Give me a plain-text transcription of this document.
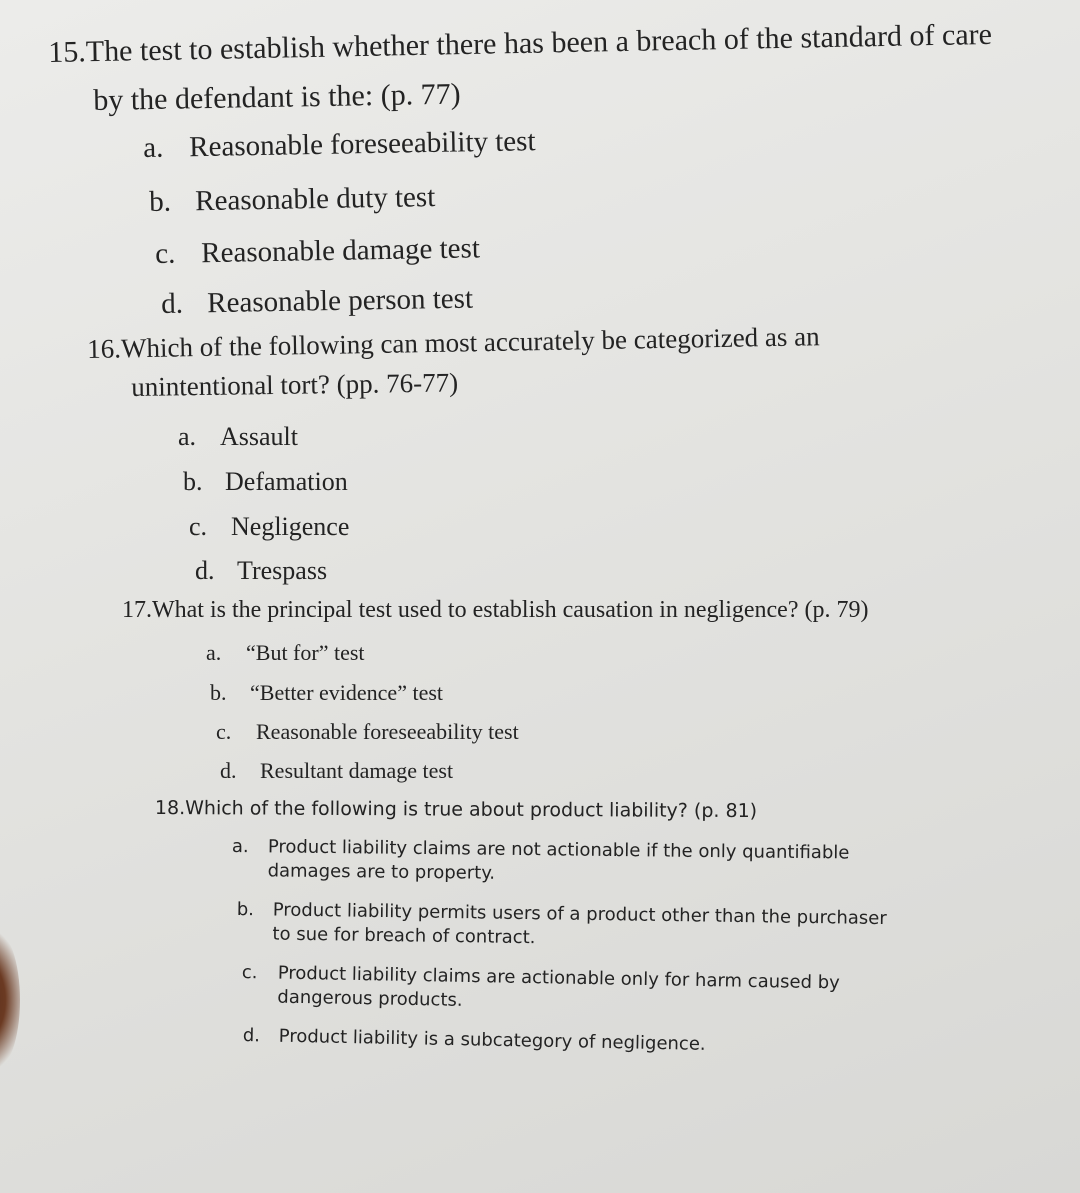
15. The test to establish whether there has been a breach of the standard of care
by the defendant is the: (p. 77)
a. Reasonable foreseeability test
b. Reasonable duty test
c. Reasonable damage test
d. Reasonable person test
16.Which of the following can most accurately be categorized as an
unintentional tort? (pp. 76-77)
a. Assault
b. Defamation
c. Negligence
d. Trespass
17.What is the principal test used to establish causation in negligence? (p. 79)
a.	“But for” test
b.	“Better evidence” test
c.	Reasonable foreseeability test
d.	Resultant damage test
18.Which of the following is true about product liability? (p. 81)
a.	Product liability claims are not actionable if the only quantifiable
damages are to property.
b.	Product liability permits users of a product other than the purchaser
to sue for breach of contract.
c.	Product liability claims are actionable only for harm caused by
dangerous products.
d.	Product liability is a subcategory of negligence.
